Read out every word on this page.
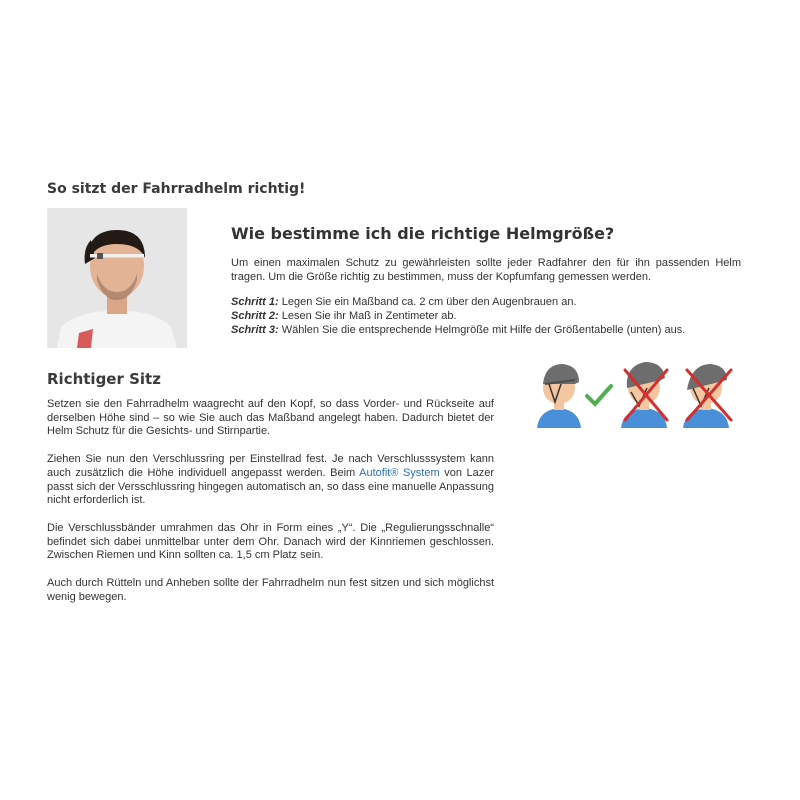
So sitzt der Fahrradhelm richtig!
Wie bestimme ich die richtige Helmgröße?

Um einen maximalen Schutz zu gewährleisten sollte jeder Radfahrer den für ihn passenden Helm tragen. Um die Größe richtig zu bestimmen, muss der Kopfumfang gemessen werden.

Schritt 1: Legen Sie ein Maßband ca. 2 cm über den Augenbrauen an.
Schritt 2: Lesen Sie ihr Maß in Zentimeter ab.
Schritt 3: Wählen Sie die entsprechende Helmgröße mit Hilfe der Größentabelle (unten) aus.
Richtiger Sitz

Setzen sie den Fahrradhelm waagrecht auf den Kopf, so dass Vorder- und Rückseite auf derselben Höhe sind – so wie Sie auch das Maßband angelegt haben. Dadurch bietet der Helm Schutz für die Gesichts- und Stirnpartie.

Ziehen Sie nun den Verschlussring per Einstellrad fest. Je nach Verschlusssystem kann auch zusätzlich die Höhe individuell angepasst werden. Beim Autofit® System von Lazer passt sich der Versschlussring hingegen automatisch an, so dass eine manuelle Anpassung nicht erforderlich ist.

Die Verschlussbänder umrahmen das Ohr in Form eines „Y“. Die „Regulierungsschnalle“ befindet sich dabei unmittelbar unter dem Ohr. Danach wird der Kinnriemen geschlossen. Zwischen Riemen und Kinn sollten ca. 1,5 cm Platz sein.

Auch durch Rütteln und Anheben sollte der Fahrradhelm nun fest sitzen und sich möglichst wenig bewegen.
